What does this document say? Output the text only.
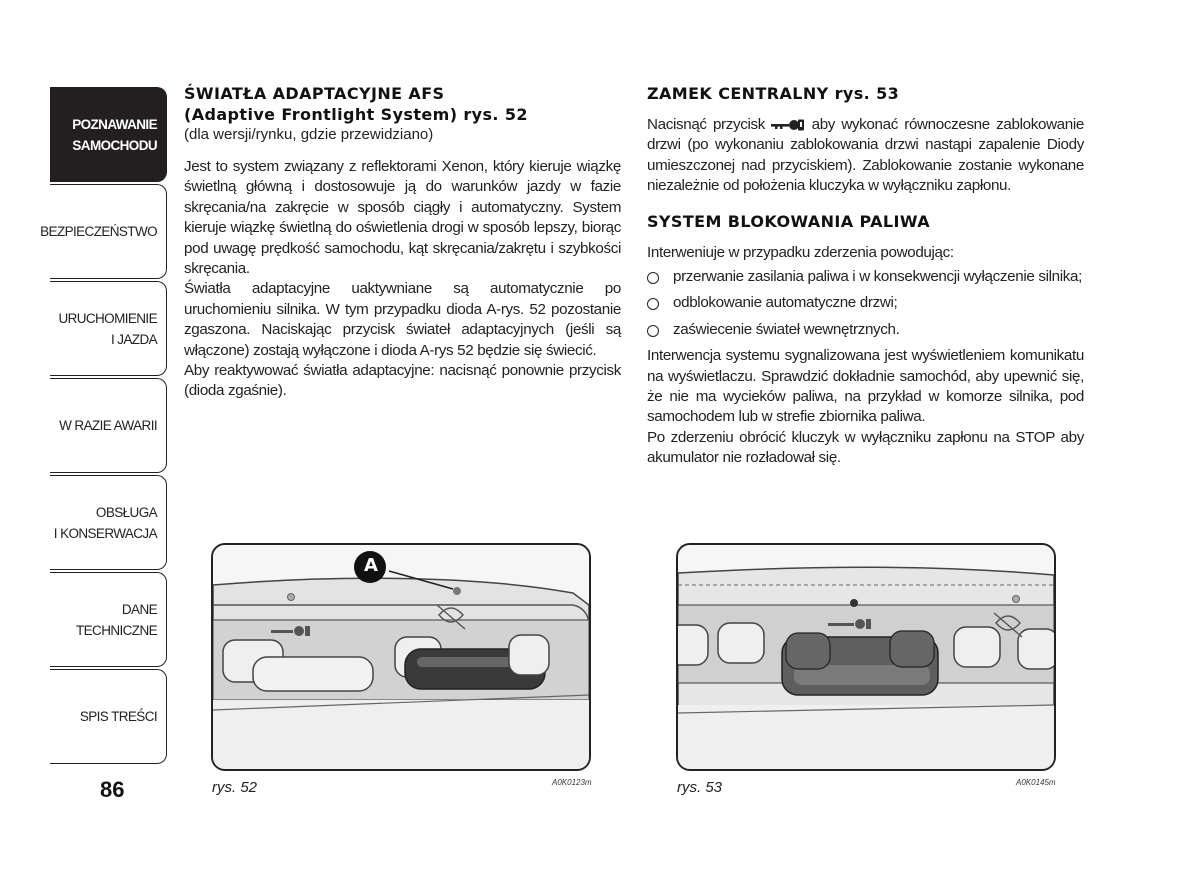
POZNAWANIE
SAMOCHODU
BEZPIECZEŃSTWO
URUCHOMIENIE
I JAZDA
W RAZIE AWARII
OBSŁUGA
I KONSERWACJA
DANE
TECHNICZNE
SPIS TREŚCI
86
ŚWIATŁA ADAPTACYJNE AFS
(Adaptive Frontlight System) rys. 52
(dla wersji/rynku, gdzie przewidziano)

Jest to system związany z reflektorami Xenon, który kieruje wiązkę świetlną główną i dostosowuje ją do warunków jazdy w fazie skręcania/na zakręcie w sposób ciągły i automatyczny. System kieruje wiązkę świetlną do oświetlenia drogi w sposób lepszy, biorąc pod uwagę prędkość samochodu, kąt skręcania/zakrętu i szybkości skręcania.

Światła adaptacyjne uaktywniane są automatycznie po uruchomieniu silnika. W tym przypadku dioda A-rys. 52 pozostanie zgaszona. Naciskając przycisk świateł adaptacyjnych (jeśli są włączone) zostają wyłączone i dioda A-rys 52 będzie się świecić.

Aby reaktywować światła adaptacyjne: nacisnąć ponownie przycisk (dioda zgaśnie).

ZAMEK CENTRALNY rys. 53

Nacisnąć przycisk	aby wykonać równoczesne zablokowanie drzwi (po wykonaniu zablokowania drzwi nastąpi zapalenie Diody umieszczonej nad przyciskiem). Zablokowanie zostanie wykonane niezależnie od położenia kluczyka w wyłączniku zapłonu.

SYSTEM BLOKOWANIA PALIWA

Interweniuje w przypadku zderzenia powodując:

przerwanie zasilania paliwa i w konsekwencji wyłączenie silnika;
odblokowanie automatyczne drzwi;
zaświecenie świateł wewnętrznych.

Interwencja systemu sygnalizowana jest wyświetleniem komunikatu na wyświetlaczu. Sprawdzić dokładnie samochód, aby upewnić się, że nie ma wycieków paliwa, na przykład w komorze silnika, pod samochodem lub w strefie zbiornika paliwa.

Po zderzeniu obrócić kluczyk w wyłączniku zapłonu na STOP aby akumulator nie rozładował się.

A
rys. 52	A0K0123m	rys. 53	A0K0145m
